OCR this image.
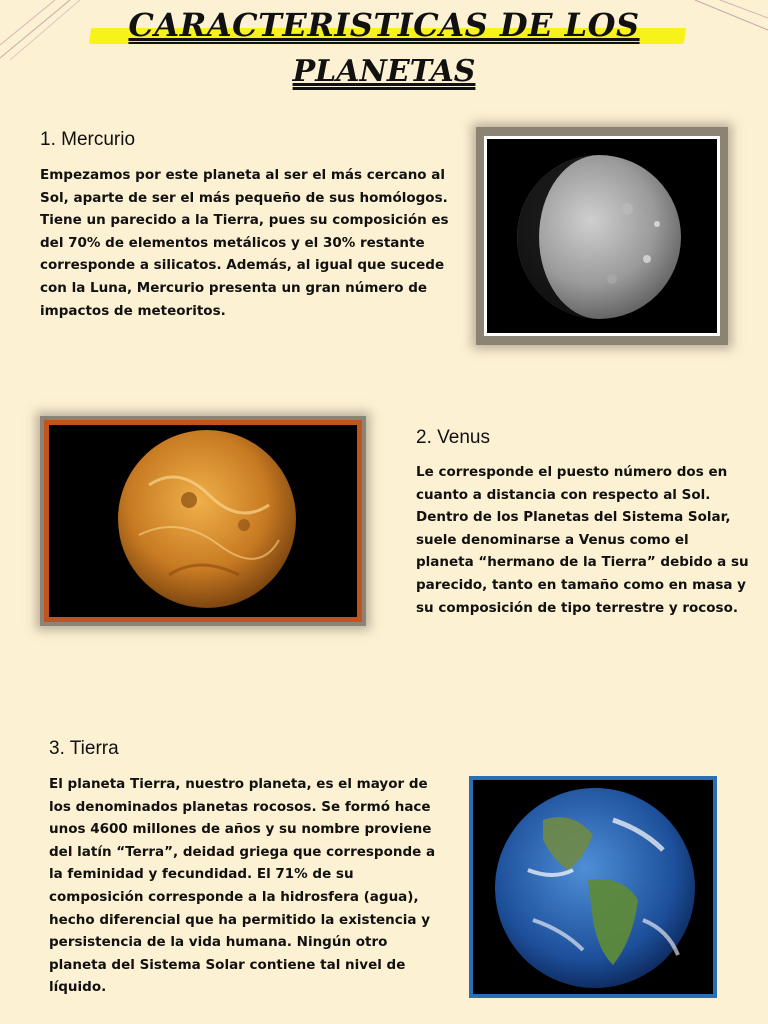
CARACTERISTICAS DE LOS
PLANETAS
1. Mercurio

Empezamos por este planeta al ser el más cercano al Sol, aparte de ser el más pequeño de sus homólogos. Tiene un parecido a la Tierra, pues su composición es del 70% de elementos metálicos y el 30% restante corresponde a silicatos. Además, al igual que sucede con la Luna, Mercurio presenta un gran número de impactos de meteoritos.

2. Venus

Le corresponde el puesto número dos en cuanto a distancia con respecto al Sol. Dentro de los Planetas del Sistema Solar, suele denominarse a Venus como el planeta “hermano de la Tierra” debido a su parecido, tanto en tamaño como en masa y su composición de tipo terrestre y rocoso.

3. Tierra

El planeta Tierra, nuestro planeta, es el mayor de los denominados planetas rocosos. Se formó hace unos 4600 millones de años y su nombre proviene del latín “Terra”, deidad griega que corresponde a la feminidad y fecundidad. El 71% de su composición corresponde a la hidrosfera (agua), hecho diferencial que ha permitido la existencia y persistencia de la vida humana. Ningún otro planeta del Sistema Solar contiene tal nivel de líquido.
